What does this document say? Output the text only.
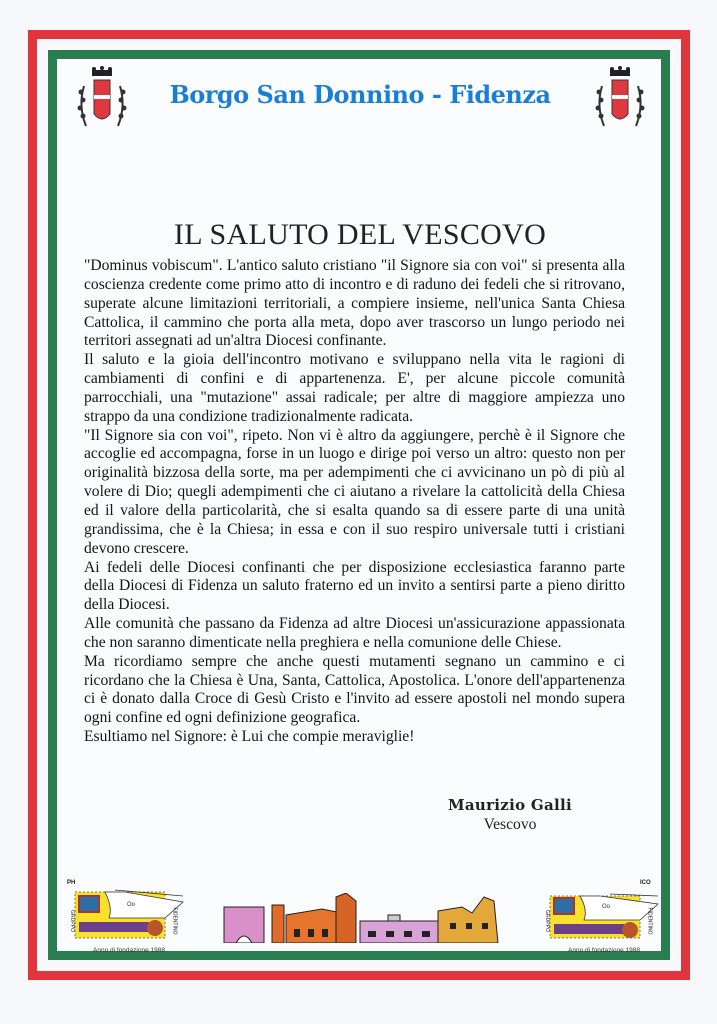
Borgo San Donnino - Fidenza
IL SALUTO DEL VESCOVO

"Dominus vobiscum". L'antico saluto cristiano "il Signore sia con voi" si presenta alla coscienza credente come primo atto di incontro e di raduno dei fedeli che si ritrovano, superate alcune limitazioni territoriali, a compiere insieme, nell'unica Santa Chiesa Cattolica, il cammino che porta alla meta, dopo aver trascorso un lungo periodo nei territori assegnati ad un'altra Diocesi confinante.

Il saluto e la gioia dell'incontro motivano e sviluppano nella vita le ragioni di cambiamenti di confini e di appartenenza. E', per alcune piccole comunità parrocchiali, una "mutazione" assai radicale; per altre di maggiore ampiezza uno strappo da una condizione tradizionalmente radicata.

"Il Signore sia con voi", ripeto. Non vi è altro da aggiungere, perchè è il Signore che accoglie ed accompagna, forse in un luogo e dirige poi verso un altro: questo non per originalità bizzosa della sorte, ma per adempimenti che ci avvicinano un pò di più al volere di Dio; quegli adempimenti che ci aiutano a rivelare la cattolicità della Chiesa ed il valore della particolarità, che si esalta quando sa di essere parte di una unità grandissima, che è la Chiesa; in essa e con il suo respiro universale tutti i cristiani devono crescere.

Ai fedeli delle Diocesi confinanti che per disposizione ecclesiastica faranno parte della Diocesi di Fidenza un saluto fraterno ed un invito a sentirsi parte a pieno diritto della Diocesi.

Alle comunità che passano da Fidenza ad altre Diocesi un'assicurazione appassionata che non saranno dimenticate nella preghiera e nella comunione delle Chiese.

Ma ricordiamo sempre che anche questi mutamenti segnano un cammino e ci ricordano che la Chiesa è Una, Santa, Cattolica, Apostolica. L'onore dell'appartenenza ci è donato dalla Croce di Gesù Cristo e l'invito ad essere apostoli nel mondo supera ogni confine ed ogni definizione geografica.

Esultiamo nel Signore: è Lui che compie meraviglie!

Maurizio Galli
Vescovo
PH
Oo
GRUPPO	FIDENTINO
Anno di fondazione 1988
ICO
Oo
GRUPPO	FIDENTINO
Anno di fondazione 1988
